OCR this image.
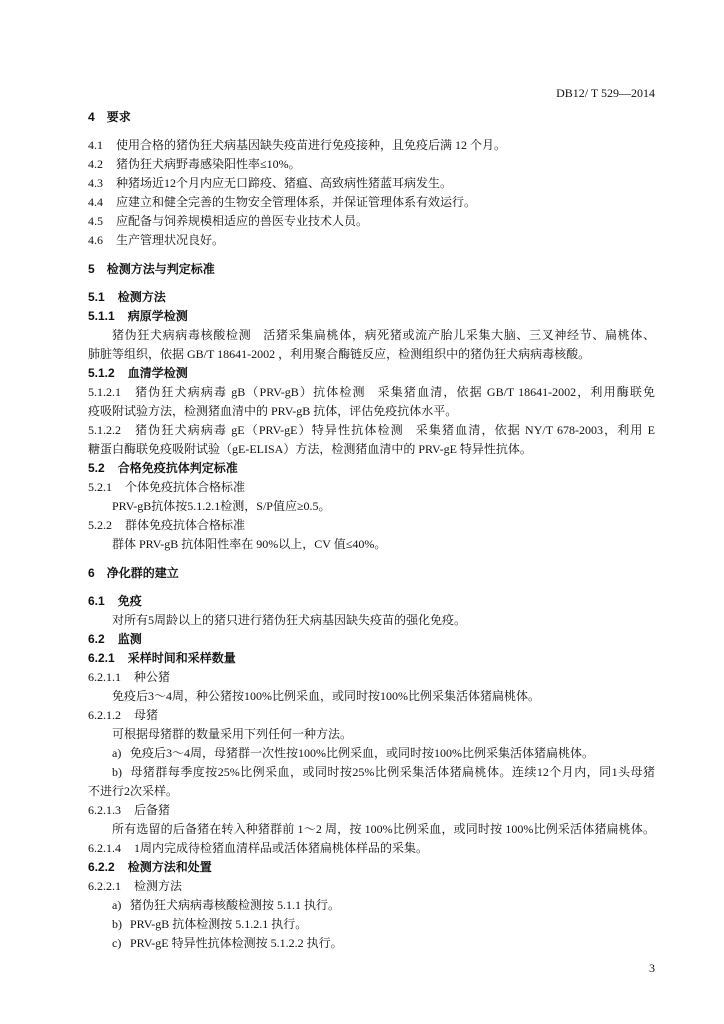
DB12/ T 529—2014
4 要求
4.1 使用合格的猪伪狂犬病基因缺失疫苗进行免疫接种，且免疫后满 12 个月。
4.2 猪伪狂犬病野毒感染阳性率≤10%。
4.3 种猪场近12个月内应无口蹄疫、猪瘟、高致病性猪蓝耳病发生。
4.4 应建立和健全完善的生物安全管理体系，并保证管理体系有效运行。
4.5 应配备与饲养规模相适应的兽医专业技术人员。
4.6 生产管理状况良好。
5 检测方法与判定标准
5.1 检测方法
5.1.1 病原学检测
猪伪狂犬病病毒核酸检测 活猪采集扁桃体，病死猪或流产胎儿采集大脑、三叉神经节、扁桃体、
肺脏等组织，依据 GB/T 18641-2002 ，利用聚合酶链反应，检测组织中的猪伪狂犬病病毒核酸。
5.1.2 血清学检测
5.1.2.1 猪伪狂犬病病毒 gB（PRV-gB）抗体检测 采集猪血清，依据 GB/T 18641-2002，利用酶联免
疫吸附试验方法，检测猪血清中的 PRV-gB 抗体，评估免疫抗体水平。
5.1.2.2 猪伪狂犬病病毒 gE（PRV-gE）特异性抗体检测 采集猪血清，依据 NY/T 678-2003，利用 E
糖蛋白酶联免疫吸附试验（gE-ELISA）方法，检测猪血清中的 PRV-gE 特异性抗体。
5.2 合格免疫抗体判定标准
5.2.1 个体免疫抗体合格标准
PRV-gB抗体按5.1.2.1检测，S/P值应≥0.5。
5.2.2 群体免疫抗体合格标准
群体 PRV-gB 抗体阳性率在 90%以上，CV 值≤40%。
6 净化群的建立
6.1 免疫
对所有5周龄以上的猪只进行猪伪狂犬病基因缺失疫苗的强化免疫。
6.2 监测
6.2.1 采样时间和采样数量
6.2.1.1 种公猪
免疫后3～4周，种公猪按100%比例采血，或同时按100%比例采集活体猪扁桃体。
6.2.1.2 母猪
可根据母猪群的数量采用下列任何一种方法。
a) 免疫后3～4周，母猪群一次性按100%比例采血，或同时按100%比例采集活体猪扁桃体。
b) 母猪群每季度按25%比例采血，或同时按25%比例采集活体猪扁桃体。连续12个月内，同1头母猪
不进行2次采样。
6.2.1.3 后备猪
所有选留的后备猪在转入种猪群前 1～2 周，按 100%比例采血，或同时按 100%比例采活体猪扁桃体。
6.2.1.4 1周内完成待检猪血清样品或活体猪扁桃体样品的采集。
6.2.2 检测方法和处置
6.2.2.1 检测方法
a) 猪伪狂犬病病毒核酸检测按 5.1.1 执行。
b) PRV-gB 抗体检测按 5.1.2.1 执行。
c) PRV-gE 特异性抗体检测按 5.1.2.2 执行。
3
